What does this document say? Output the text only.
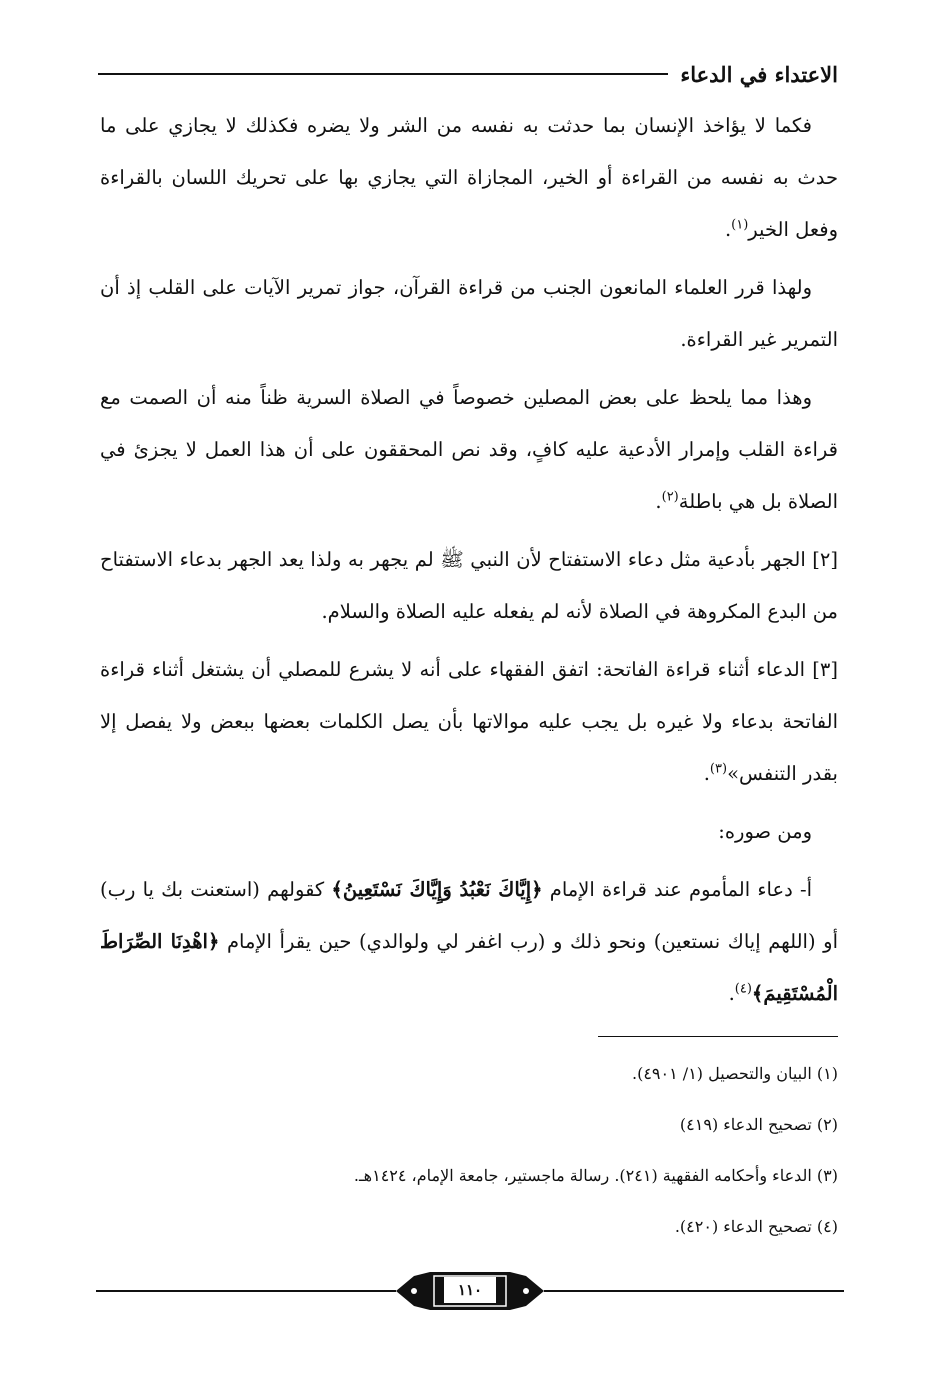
الاعتداء في الدعاء

فكما لا يؤاخذ الإنسان بما حدثت به نفسه من الشر ولا يضره فكذلك لا يجازي على ما حدث به نفسه من القراءة أو الخير، المجازاة التي يجازي بها على تحريك اللسان بالقراءة وفعل الخير$^{(١)}$.

ولهذا قرر العلماء المانعون الجنب من قراءة القرآن، جواز تمرير الآيات على القلب إذ أن التمرير غير القراءة.

وهذا مما يلحظ على بعض المصلين خصوصاً في الصلاة السرية ظناً منه أن الصمت مع قراءة القلب وإمرار الأدعية عليه كافٍ، وقد نص المحققون على أن هذا العمل لا يجزئ في الصلاة بل هي باطلة$^{(٢)}$.

[٢] الجهر بأدعية مثل دعاء الاستفتاح لأن النبي ﷺ لم يجهر به ولذا يعد الجهر بدعاء الاستفتاح من البدع المكروهة في الصلاة لأنه لم يفعله عليه الصلاة والسلام.

[٣] الدعاء أثناء قراءة الفاتحة: اتفق الفقهاء على أنه لا يشرع للمصلي أن يشتغل أثناء قراءة الفاتحة بدعاء ولا غيره بل يجب عليه موالاتها بأن يصل الكلمات بعضها ببعض ولا يفصل إلا بقدر التنفس»$^{(٣)}$.

ومن صوره:

أ- دعاء المأموم عند قراءة الإمام ﴿إِيَّاكَ نَعْبُدُ وَإِيَّاكَ نَسْتَعِينُ﴾ كقولهم (استعنت بك يا رب) أو (اللهم إياك نستعين) ونحو ذلك و (رب اغفر لي ولوالدي) حين يقرأ الإمام ﴿اهْدِنَا الصِّرَاطَ الْمُسْتَقِيمَ﴾$^{(٤)}$.

(١) البيان والتحصيل (١/ ٤٩٠١).
(٢) تصحيح الدعاء (٤١٩)
(٣) الدعاء وأحكامه الفقهية (٢٤١). رسالة ماجستير، جامعة الإمام، ١٤٢٤هـ.
(٤) تصحيح الدعاء (٤٢٠).
١١٠
